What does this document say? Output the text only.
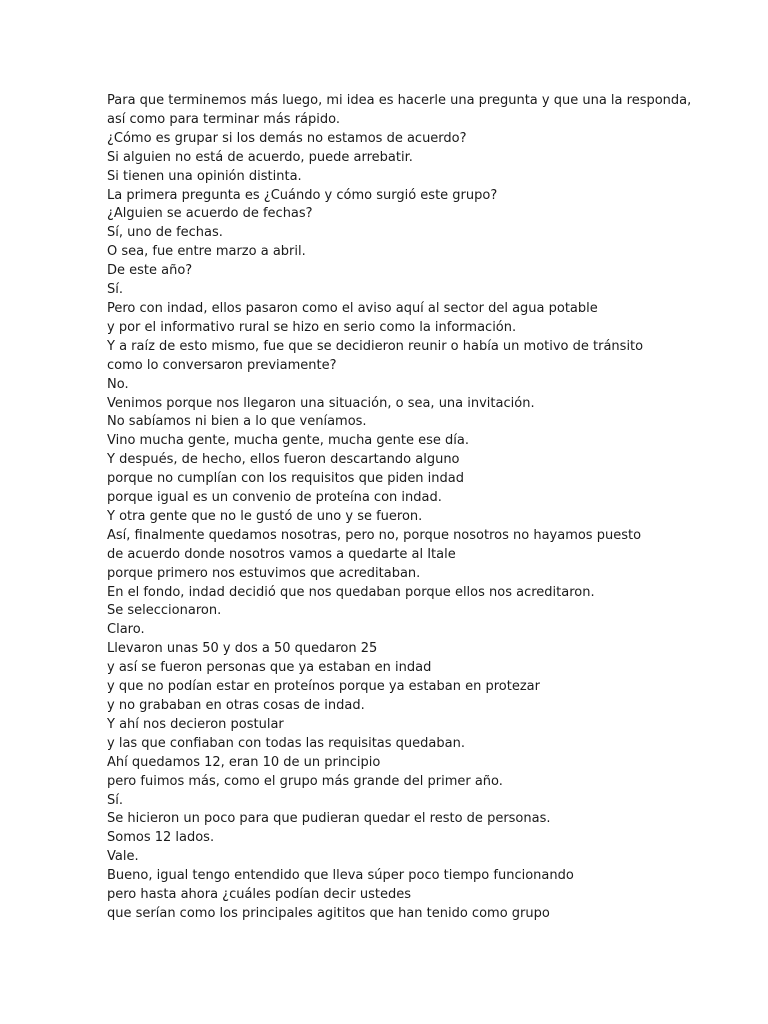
Para que terminemos más luego, mi idea es hacerle una pregunta y que una la responda,
así como para terminar más rápido.
¿Cómo es grupar si los demás no estamos de acuerdo?
Si alguien no está de acuerdo, puede arrebatir.
Si tienen una opinión distinta.
La primera pregunta es ¿Cuándo y cómo surgió este grupo?
¿Alguien se acuerdo de fechas?
Sí, uno de fechas.
O sea, fue entre marzo a abril.
De este año?
Sí.
Pero con indad, ellos pasaron como el aviso aquí al sector del agua potable
y por el informativo rural se hizo en serio como la información.
Y a raíz de esto mismo, fue que se decidieron reunir o había un motivo de tránsito
como lo conversaron previamente?
No.
Venimos porque nos llegaron una situación, o sea, una invitación.
No sabíamos ni bien a lo que veníamos.
Vino mucha gente, mucha gente, mucha gente ese día.
Y después, de hecho, ellos fueron descartando alguno
porque no cumplían con los requisitos que piden indad
porque igual es un convenio de proteína con indad.
Y otra gente que no le gustó de uno y se fueron.
Así, finalmente quedamos nosotras, pero no, porque nosotros no hayamos puesto
de acuerdo donde nosotros vamos a quedarte al Itale
porque primero nos estuvimos que acreditaban.
En el fondo, indad decidió que nos quedaban porque ellos nos acreditaron.
Se seleccionaron.
Claro.
Llevaron unas 50 y dos a 50 quedaron 25
y así se fueron personas que ya estaban en indad
y que no podían estar en proteínos porque ya estaban en protezar
y no grababan en otras cosas de indad.
Y ahí nos decieron postular
y las que confiaban con todas las requisitas quedaban.
Ahí quedamos 12, eran 10 de un principio
pero fuimos más, como el grupo más grande del primer año.
Sí.
Se hicieron un poco para que pudieran quedar el resto de personas.
Somos 12 lados.
Vale.
Bueno, igual tengo entendido que lleva súper poco tiempo funcionando
pero hasta ahora ¿cuáles podían decir ustedes
que serían como los principales agititos que han tenido como grupo
